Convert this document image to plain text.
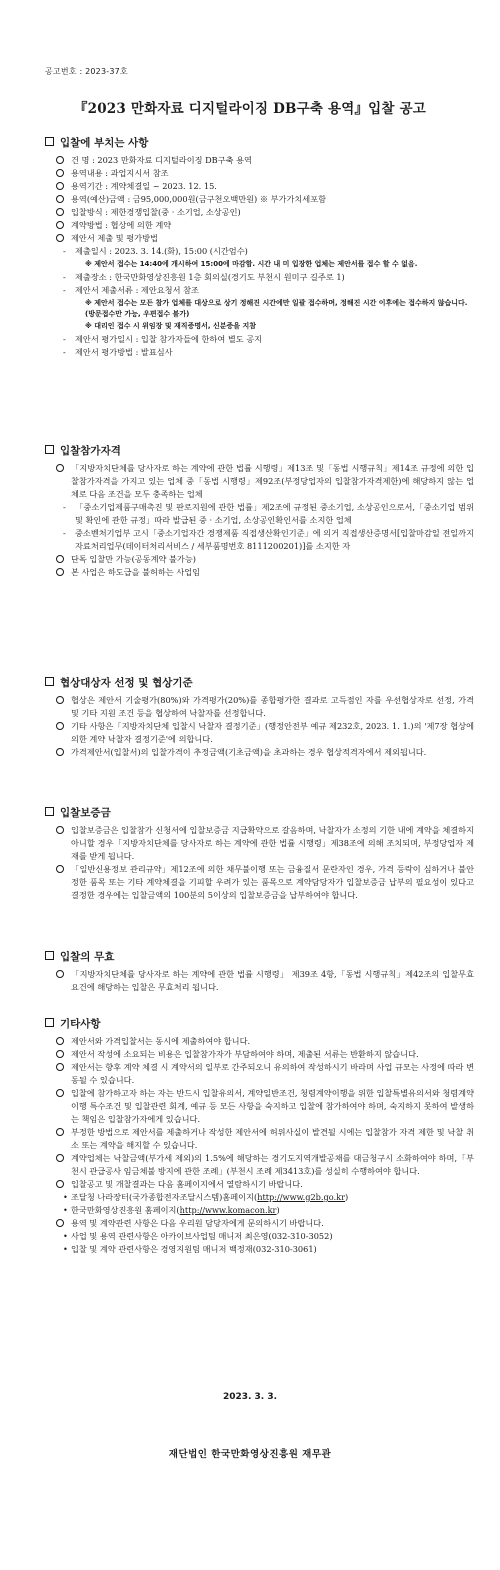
공고번호 : 2023-37호
『2023 만화자료 디지털라이징 DB구축 용역』입찰 공고
입찰에 부치는 사항

건 명 : 2023 만화자료 디지털라이징 DB구축 용역

용역내용 : 과업지시서 참조

용역기간 : 계약체결일 ~ 2023. 12. 15.

용역(예산)금액 : 금95,000,000원(금구천오백만원) ※ 부가가치세포함

입찰방식 : 제한경쟁입찰(중 · 소기업, 소상공인)

계약방법 : 협상에 의한 계약

제안서 제출 및 평가방법

- 제출일시 : 2023. 3. 14.(화), 15:00 (시간엄수)

※ 제안서 접수는 14:40에 개시하여 15:00에 마감함. 시간 내 미 입장한 업체는 제안서를 접수 할 수 없음.

- 제출장소 : 한국만화영상진흥원 1층 회의실(경기도 부천시 원미구 길주로 1)

- 제안서 제출서류 : 제안요청서 참조

※ 제안서 접수는 모든 참가 업체를 대상으로 상기 정해진 시간에만 일괄 접수하며, 정해진 시간 이후에는 접수하지 않습니다. (방문접수만 가능, 우편접수 불가)

※ 대리인 접수 시 위임장 및 재직증명서, 신분증을 지참

- 제안서 평가일시 : 입찰 참가자들에 한하여 별도 공지

- 제안서 평가방법 : 발표심사

입찰참가자격

「지방자치단체를 당사자로 하는 계약에 관한 법률 시행령」제13조 및「동법 시행규칙」제14조 규정에 의한 입찰참가자격을 가지고 있는 업체 중「동법 시행령」제92조(부정당업자의 입찰참가자격제한)에 해당하지 않는 업체로 다음 조건을 모두 충족하는 업체

- 「중소기업제품구매촉진 및 판로지원에 관한 법률」제2조에 규정된 중소기업, 소상공인으로서,「중소기업 범위 및 확인에 관한 규정」따라 발급된 중 · 소기업, 소상공인확인서를 소지한 업체

- 중소벤처기업부 고시「중소기업자간 경쟁제품 직접생산확인기준」에 의거 직접생산증명서[입찰마감일 전일까지 자료처리업무(데이터처리서비스 / 세부품명번호 8111200201)]를 소지한 자

단독 입찰만 가능(공동계약 불가능)

본 사업은 하도급을 불허하는 사업임

협상대상자 선정 및 협상기준

협상은 제안서 기술평가(80%)와 가격평가(20%)를 종합평가한 결과로 고득점인 자를 우선협상자로 선정, 가격 및 기타 지원 조건 등을 협상하여 낙찰자를 선정합니다.

기타 사항은「지방자치단체 입찰시 낙찰자 결정기준」(행정안전부 예규 제232호, 2023. 1. 1.)의 '제7장 협상에 의한 계약 낙찰자 결정기준'에 의합니다.

가격제안서(입찰서)의 입찰가격이 추정금액(기초금액)을 초과하는 경우 협상적격자에서 제외됩니다.

입찰보증금

입찰보증금은 입찰참가 신청서에 입찰보증금 지급확약으로 갈음하며, 낙찰자가 소정의 기한 내에 계약을 체결하지 아니할 경우「지방자치단체를 당사자로 하는 계약에 관한 법률 시행령」제38조에 의해 조치되며, 부정당업자 제재를 받게 됩니다.

「일반신용정보 관리규약」제12조에 의한 채무불이행 또는 금융질서 문란자인 경우, 가격 등락이 심하거나 불안정한 품목 또는 기타 계약체결을 기피할 우려가 있는 품목으로 계약담당자가 입찰보증금 납부의 필요성이 있다고 결정한 경우에는 입찰금액의 100분의 5이상의 입찰보증금을 납부하여야 합니다.

입찰의 무효

「지방자치단체를 당사자로 하는 계약에 관한 법률 시행령」 제39조 4항,「동법 시행규칙」제42조의 입찰무효 요건에 해당하는 입찰은 무효처리 됩니다.

기타사항

제안서와 가격입찰서는 동시에 제출하여야 합니다.

제안서 작성에 소요되는 비용은 입찰참가자가 부담하여야 하며, 제출된 서류는 반환하지 않습니다.

제안서는 향후 계약 체결 시 계약서의 일부로 간주되오니 유의하여 작성하시기 바라며 사업 규모는 사정에 따라 변동될 수 있습니다.

입찰에 참가하고자 하는 자는 반드시 입찰유의서, 계약일반조건, 청렴계약이행을 위한 입찰특별유의서와 청렴계약이행 특수조건 및 입찰관련 회계, 예규 등 모든 사항을 숙지하고 입찰에 참가하여야 하며, 숙지하지 못하여 발생하는 책임은 입찰참가자에게 있습니다.

부정한 방법으로 제안서를 제출하거나 작성한 제안서에 허위사실이 발견될 시에는 입찰참가 자격 제한 및 낙찰 취소 또는 계약을 해지할 수 있습니다.

계약업체는 낙찰금액(부가세 제외)의 1.5%에 해당하는 경기도지역개발공채를 대금청구시 소화하여야 하며,「부천시 관급공사 임금체불 방지에 관한 조례」(부천시 조례 제3413호)를 성실히 수행하여야 합니다.

입찰공고 및 개찰결과는 다음 홈페이지에서 열람하시기 바랍니다.

• 조달청 나라장터(국가종합전자조달시스템)홈페이지(http://www.g2b.go.kr)

• 한국만화영상진흥원 홈페이지(http://www.komacon.kr)

용역 및 계약관련 사항은 다음 우리원 담당자에게 문의하시기 바랍니다.

• 사업 및 용역 관련사항은 아카이브사업팀 매니저 최은영(032-310-3052)

• 입찰 및 계약 관련사항은 경영지원팀 매니저 백정재(032-310-3061)

2023. 3. 3.
재단법인 한국만화영상진흥원 재무관
